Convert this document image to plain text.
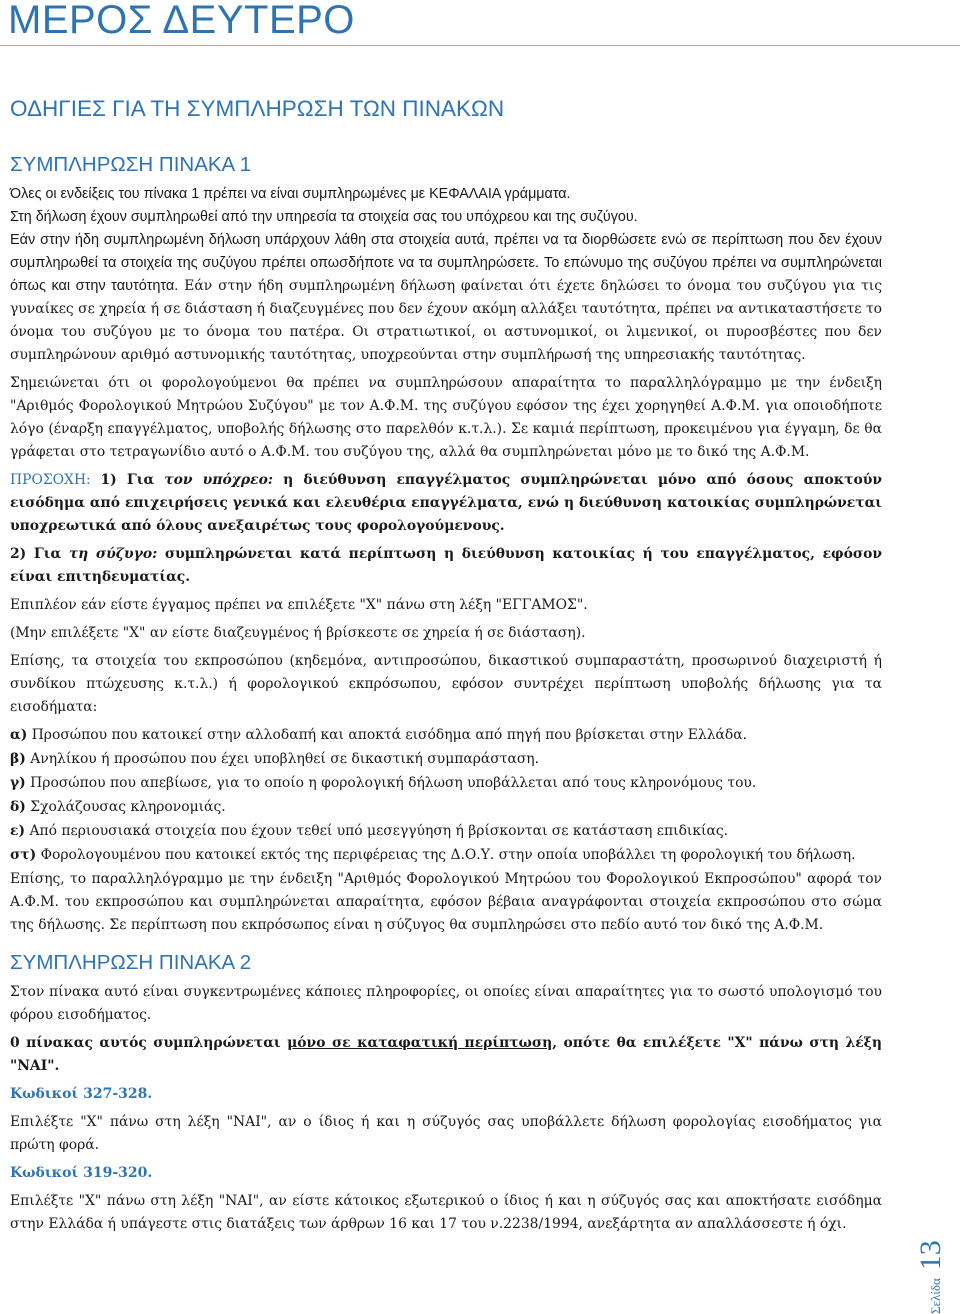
ΜΕΡΟΣ ΔΕΥΤΕΡΟ
ΟΔΗΓΙΕΣ ΓΙΑ ΤΗ ΣΥΜΠΛΗΡΩΣΗ ΤΩΝ ΠΙΝΑΚΩΝ
ΣΥΜΠΛΗΡΩΣΗ ΠΙΝΑΚΑ 1

Όλες οι ενδείξεις του πίνακα 1 πρέπει να είναι συμπληρωμένες με ΚΕΦΑΛΑΙΑ γράμματα.

Στη δήλωση έχουν συμπληρωθεί από την υπηρεσία τα στοιχεία σας του υπόχρεου και της συζύγου.

Εάν στην ήδη συμπληρωμένη δήλωση υπάρχουν λάθη στα στοιχεία αυτά, πρέπει να τα διορθώσετε ενώ σε περίπτωση που δεν έχουν συμπληρωθεί τα στοιχεία της συζύγου πρέπει οπωσδήποτε να τα συμπληρώσετε. Το επώνυμο της συζύγου πρέπει να συμπληρώνεται όπως και στην ταυτότητα. Εάν στην ήδη συμπληρωμένη δήλωση φαίνεται ότι έχετε δηλώσει το όνομα του συζύγου για τις γυναίκες σε χηρεία ή σε διάσταση ή διαζευγμένες που δεν έχουν ακόμη αλλάξει ταυτότητα, πρέπει να αντικαταστήσετε το όνομα του συζύγου με το όνομα του πατέρα. Οι στρατιωτικοί, οι αστυνομικοί, οι λιμενικοί, οι πυροσβέστες που δεν συμπληρώνουν αριθμό αστυνομικής ταυτότητας, υποχρεούνται στην συμπλήρωσή της υπηρεσιακής ταυτότητας.

Σημειώνεται ότι οι φορολογούμενοι θα πρέπει να συμπληρώσουν απαραίτητα το παραλληλόγραμμο με την ένδειξη "Αριθμός Φορολογικού Μητρώου Συζύγου" με τον Α.Φ.Μ. της συζύγου εφόσον της έχει χορηγηθεί Α.Φ.Μ. για οποιοδήποτε λόγο (έναρξη επαγγέλματος, υποβολής δήλωσης στο παρελθόν κ.τ.λ.). Σε καμιά περίπτωση, προκειμένου για έγγαμη, δε θα γράφεται στο τετραγωνίδιο αυτό ο Α.Φ.Μ. του συζύγου της, αλλά θα συμπληρώνεται μόνο με το δικό της Α.Φ.Μ.

ΠΡΟΣΟΧΗ: 1) Για τον υπόχρεο: η διεύθυνση επαγγέλματος συμπληρώνεται μόνο από όσους αποκτούν εισόδημα από επιχειρήσεις γενικά και ελευθέρια επαγγέλματα, ενώ η διεύθυνση κατοικίας συμπληρώνεται υποχρεωτικά από όλους ανεξαιρέτως τους φορολογούμενους.

2) Για τη σύζυγο: συμπληρώνεται κατά περίπτωση η διεύθυνση κατοικίας ή του επαγγέλματος, εφόσον είναι επιτηδευματίας.

Επιπλέον εάν είστε έγγαμος πρέπει να επιλέξετε "Χ" πάνω στη λέξη "ΕΓΓΑΜΟΣ".

(Μην επιλέξετε "Χ" αν είστε διαζευγμένος ή βρίσκεστε σε χηρεία ή σε διάσταση).

Επίσης, τα στοιχεία του εκπροσώπου (κηδεμόνα, αντιπροσώπου, δικαστικού συμπαραστάτη, προσωρινού διαχειριστή ή συνδίκου πτώχευσης κ.τ.λ.) ή φορολογικού εκπρόσωπου, εφόσον συντρέχει περίπτωση υποβολής δήλωσης για τα εισοδήματα:

α) Προσώπου που κατοικεί στην αλλοδαπή και αποκτά εισόδημα από πηγή που βρίσκεται στην Ελλάδα.

β) Ανηλίκου ή προσώπου που έχει υποβληθεί σε δικαστική συμπαράσταση.

γ) Προσώπου που απεβίωσε, για το οποίο η φορολογική δήλωση υποβάλλεται από τους κληρονόμους του.

δ) Σχολάζουσας κληρονομιάς.

ε) Από περιουσιακά στοιχεία που έχουν τεθεί υπό μεσεγγύηση ή βρίσκονται σε κατάσταση επιδικίας.

στ) Φορολογουμένου που κατοικεί εκτός της περιφέρειας της Δ.Ο.Υ. στην οποία υποβάλλει τη φορολογική του δήλωση.

Επίσης, το παραλληλόγραμμο με την ένδειξη "Αριθμός Φορολογικού Μητρώου του Φορολογικού Εκπροσώπου" αφορά τον Α.Φ.Μ. του εκπροσώπου και συμπληρώνεται απαραίτητα, εφόσον βέβαια αναγράφονται στοιχεία εκπροσώπου στο σώμα της δήλωσης. Σε περίπτωση που εκπρόσωπος είναι η σύζυγος θα συμπληρώσει στο πεδίο αυτό τον δικό της Α.Φ.Μ.

ΣΥΜΠΛΗΡΩΣΗ ΠΙΝΑΚΑ 2

Στον πίνακα αυτό είναι συγκεντρωμένες κάποιες πληροφορίες, οι οποίες είναι απαραίτητες για το σωστό υπολογισμό του φόρου εισοδήματος.

0 πίνακας αυτός συμπληρώνεται μόνο σε καταφατική περίπτωση, οπότε θα επιλέξετε "Χ" πάνω στη λέξη "ΝΑΙ".

Κωδικοί 327-328.

Επιλέξτε "Χ" πάνω στη λέξη "ΝΑΙ", αν ο ίδιος ή και η σύζυγός σας υποβάλλετε δήλωση φορολογίας εισοδήματος για πρώτη φορά.

Κωδικοί 319-320.

Επιλέξτε "Χ" πάνω στη λέξη "ΝΑΙ", αν είστε κάτοικος εξωτερικού ο ίδιος ή και η σύζυγός σας και αποκτήσατε εισόδημα στην Ελλάδα ή υπάγεστε στις διατάξεις των άρθρων 16 και 17 του ν.2238/1994, ανεξάρτητα αν απαλλάσσεστε ή όχι.

Σελίδα13
